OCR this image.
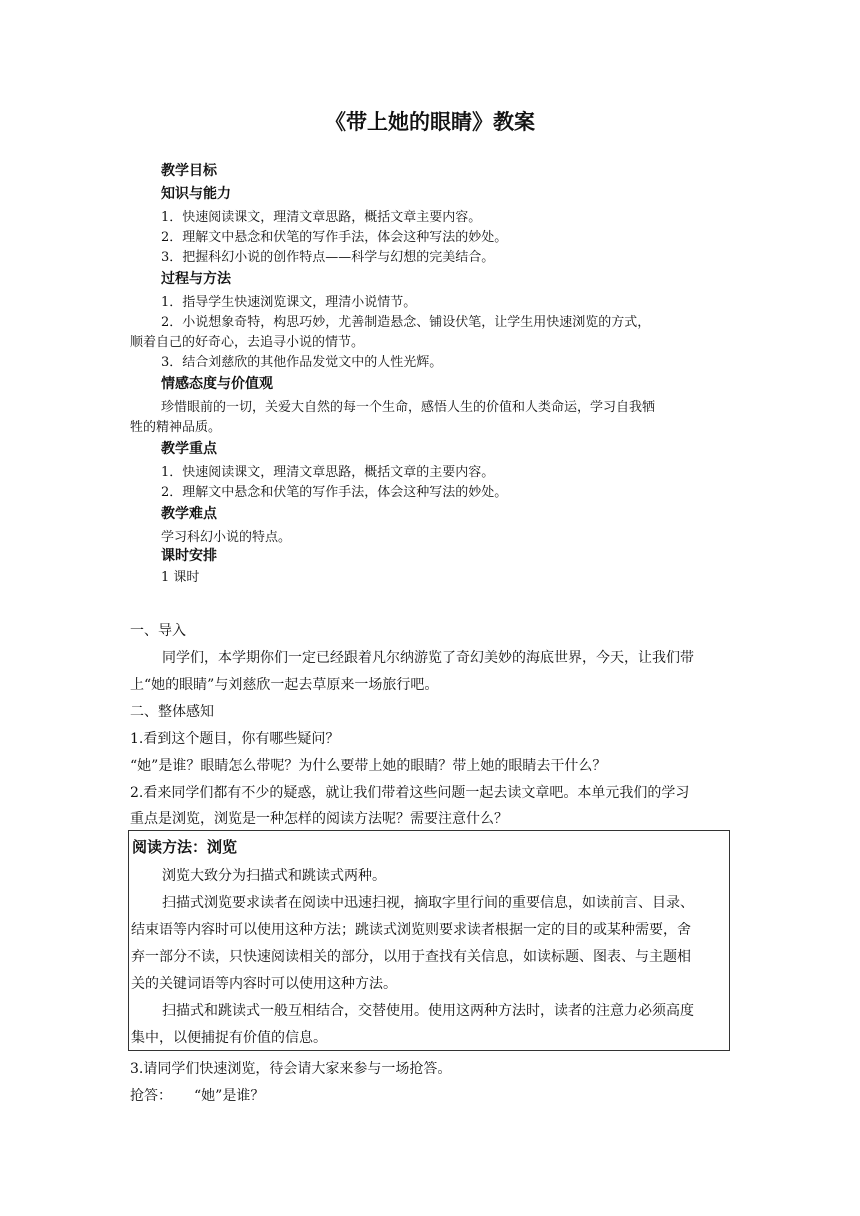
《带上她的眼睛》教案
教学目标
知识与能力
1．快速阅读课文，理清文章思路，概括文章主要内容。
2．理解文中悬念和伏笔的写作手法，体会这种写法的妙处。
3．把握科幻小说的创作特点——科学与幻想的完美结合。
过程与方法
1．指导学生快速浏览课文，理清小说情节。
2．小说想象奇特，构思巧妙，尤善制造悬念、铺设伏笔，让学生用快速浏览的方式，
顺着自己的好奇心，去追寻小说的情节。
3．结合刘慈欣的其他作品发觉文中的人性光辉。
情感态度与价值观
珍惜眼前的一切，关爱大自然的每一个生命，感悟人生的价值和人类命运，学习自我牺
牲的精神品质。
教学重点
1．快速阅读课文，理清文章思路，概括文章的主要内容。
2．理解文中悬念和伏笔的写作手法，体会这种写法的妙处。
教学难点
学习科幻小说的特点。
课时安排
1 课时
一、导入
同学们，本学期你们一定已经跟着凡尔纳游览了奇幻美妙的海底世界，今天，让我们带
上“她的眼睛”与刘慈欣一起去草原来一场旅行吧。
二、整体感知
1.看到这个题目，你有哪些疑问？
“她”是谁？眼睛怎么带呢？为什么要带上她的眼睛？带上她的眼睛去干什么？
2.看来同学们都有不少的疑惑，就让我们带着这些问题一起去读文章吧。本单元我们的学习
重点是浏览，浏览是一种怎样的阅读方法呢？需要注意什么？
阅读方法：浏览
浏览大致分为扫描式和跳读式两种。
扫描式浏览要求读者在阅读中迅速扫视，摘取字里行间的重要信息，如读前言、目录、
结束语等内容时可以使用这种方法；跳读式浏览则要求读者根据一定的目的或某种需要，舍
弃一部分不读，只快速阅读相关的部分，以用于查找有关信息，如读标题、图表、与主题相
关的关键词语等内容时可以使用这种方法。
扫描式和跳读式一般互相结合，交替使用。使用这两种方法时，读者的注意力必须高度
集中，以便捕捉有价值的信息。
3.请同学们快速浏览，待会请大家来参与一场抢答。
抢答： “她”是谁？
